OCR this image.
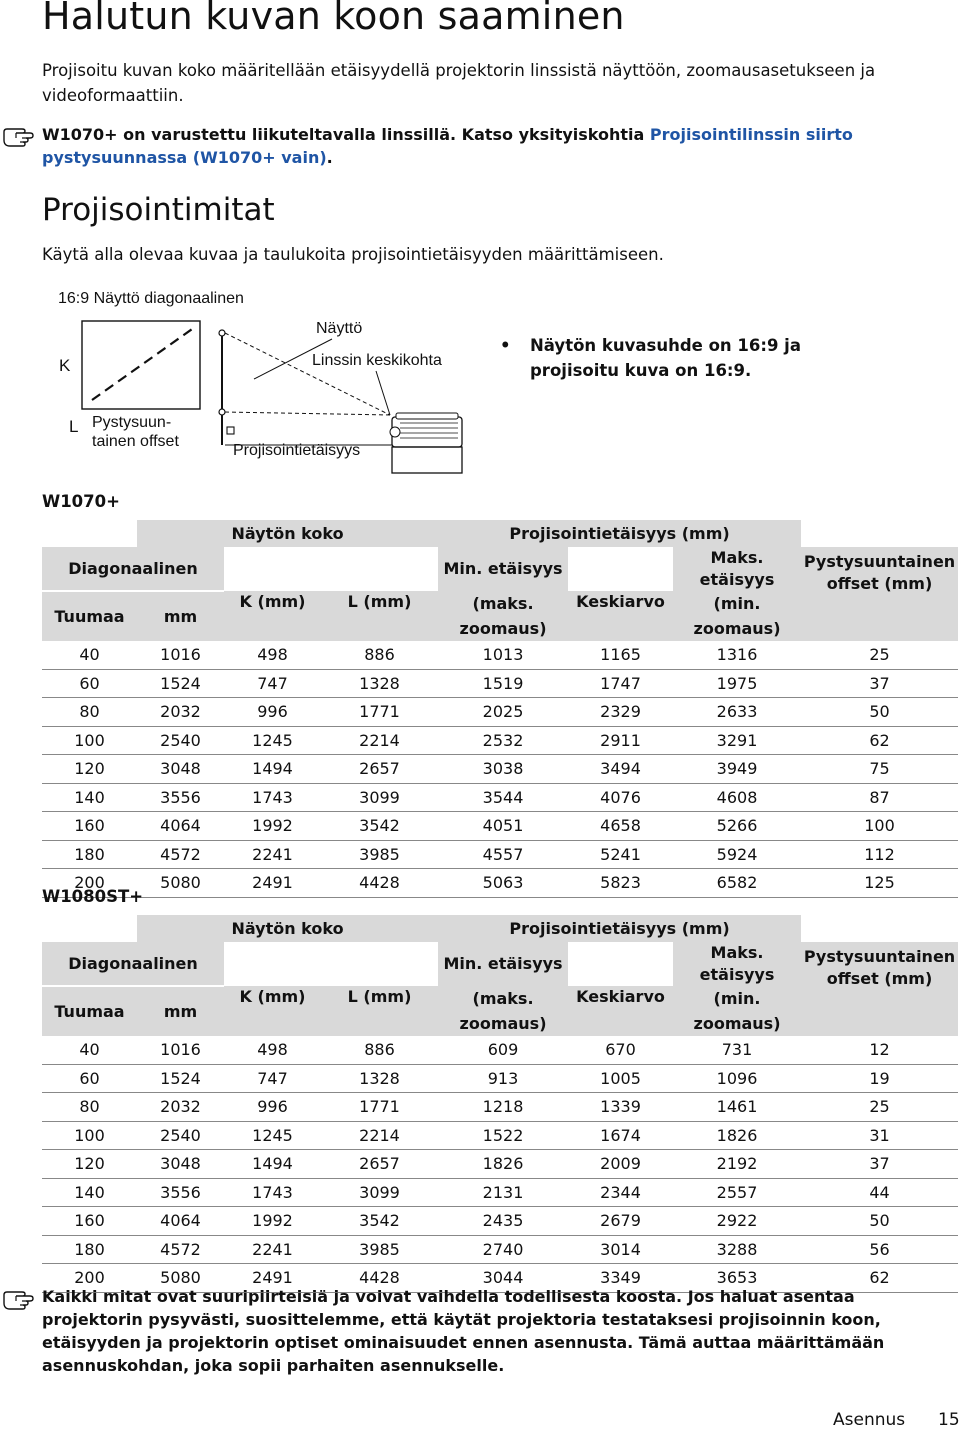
Halutun kuvan koon saaminen
Projisoitu kuvan koko määritellään etäisyydellä projektorin linssistä näyttöön, zoomausasetukseen ja videoformaattiin.
W1070+ on varustettu liikuteltavalla linssillä. Katso yksityiskohtia Projisointilinssin siirto pystysuunnassa (W1070+ vain).
Projisointimitat
Käytä alla olevaa kuvaa ja taulukoita projisointietäisyyden määrittämiseen.
16:9 Näyttö diagonaalinen
K
L
Näyttö
Linssin keskikohta
Pystysuun-
tainen offset
Projisointietäisyys
• Näytön kuvasuhde on 16:9 ja projisoitu kuva on 16:9.
W1070+
	Näytön koko			Projisointietäisyys (mm)			
Diagonaalinen				Min. etäisyys		Maks. etäisyys	Pystysuuntainen
offset (mm)

Tuumaa	mm	K (mm)	L (mm)	(maks.	Keskiarvo	(min.	
				zoomaus)		zoomaus)	
40	1016	498	886	1013	1165	1316	25
60	1524	747	1328	1519	1747	1975	37
80	2032	996	1771	2025	2329	2633	50
100	2540	1245	2214	2532	2911	3291	62
120	3048	1494	2657	3038	3494	3949	75
140	3556	1743	3099	3544	4076	4608	87
160	4064	1992	3542	4051	4658	5266	100
180	4572	2241	3985	4557	5241	5924	112
200	5080	2491	4428	5063	5823	6582	125
W1080ST+
	Näytön koko			Projisointietäisyys (mm)			
Diagonaalinen				Min. etäisyys		Maks. etäisyys	Pystysuuntainen
offset (mm)

Tuumaa	mm	K (mm)	L (mm)	(maks.	Keskiarvo	(min.	
				zoomaus)		zoomaus)	
40	1016	498	886	609	670	731	12
60	1524	747	1328	913	1005	1096	19
80	2032	996	1771	1218	1339	1461	25
100	2540	1245	2214	1522	1674	1826	31
120	3048	1494	2657	1826	2009	2192	37
140	3556	1743	3099	2131	2344	2557	44
160	4064	1992	3542	2435	2679	2922	50
180	4572	2241	3985	2740	3014	3288	56
200	5080	2491	4428	3044	3349	3653	62
Kaikki mitat ovat suuripiirteisiä ja voivat vaihdella todellisesta koosta. Jos haluat asentaa projektorin pysyvästi, suosittelemme, että käytät projektoria testataksesi projisoinnin koon, etäisyyden ja projektorin optiset ominaisuudet ennen asennusta. Tämä auttaa määrittämään asennuskohdan, joka sopii parhaiten asennukselle.
Asennus 15
